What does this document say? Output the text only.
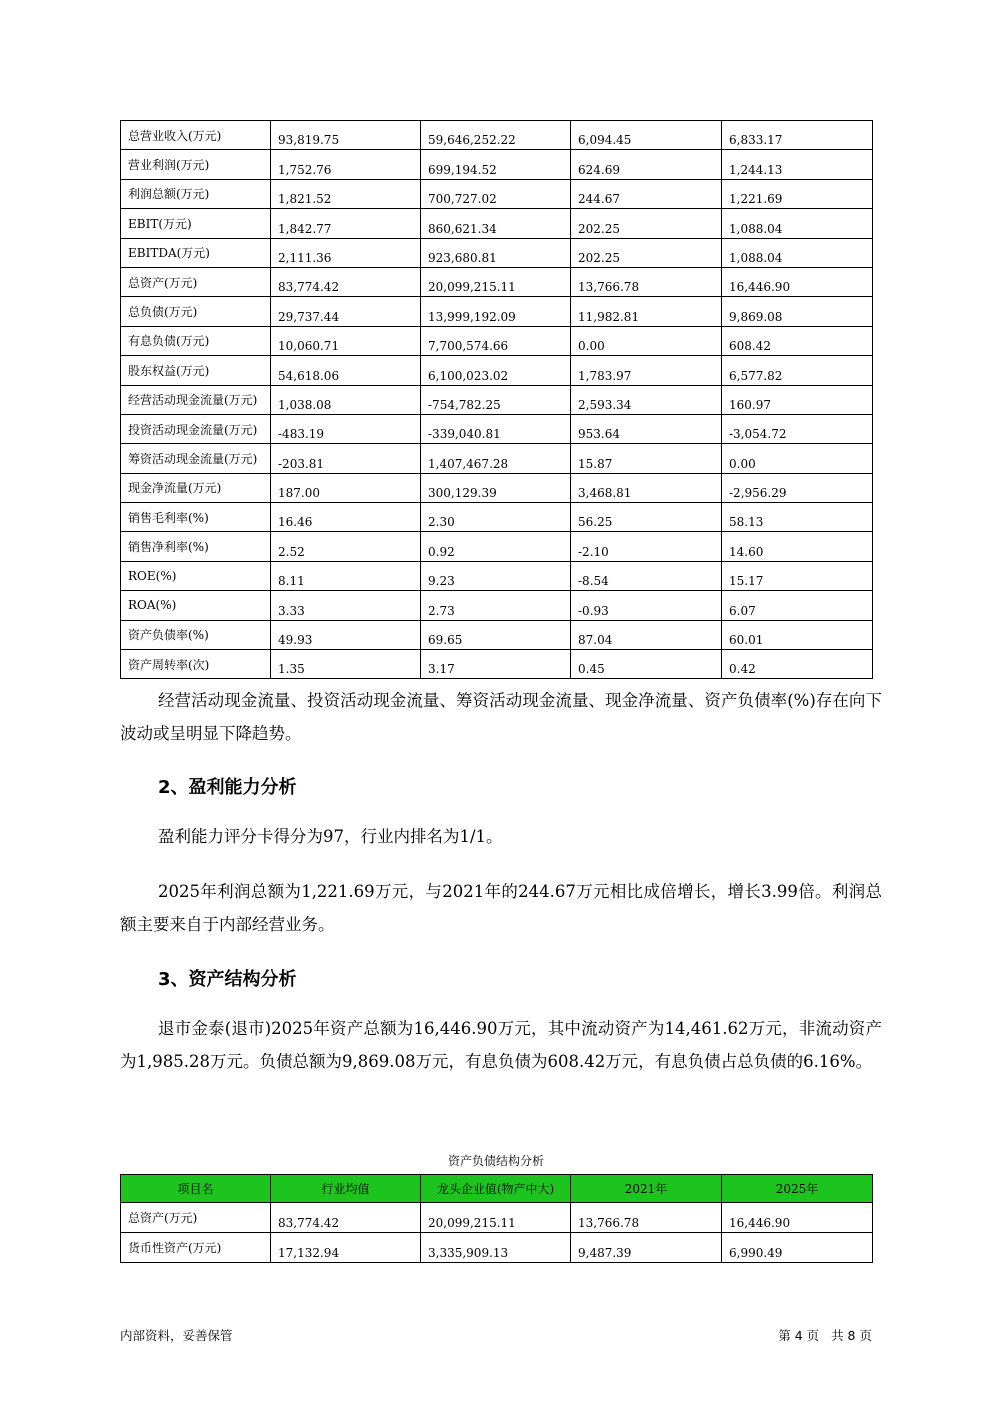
总营业收入(万元)	93,819.75	59,646,252.22	6,094.45	6,833.17
营业利润(万元)	1,752.76	699,194.52	624.69	1,244.13
利润总额(万元)	1,821.52	700,727.02	244.67	1,221.69
EBIT(万元)	1,842.77	860,621.34	202.25	1,088.04
EBITDA(万元)	2,111.36	923,680.81	202.25	1,088.04
总资产(万元)	83,774.42	20,099,215.11	13,766.78	16,446.90
总负债(万元)	29,737.44	13,999,192.09	11,982.81	9,869.08
有息负债(万元)	10,060.71	7,700,574.66	0.00	608.42
股东权益(万元)	54,618.06	6,100,023.02	1,783.97	6,577.82
经营活动现金流量(万元)	1,038.08	-754,782.25	2,593.34	160.97
投资活动现金流量(万元)	-483.19	-339,040.81	953.64	-3,054.72
筹资活动现金流量(万元)	-203.81	1,407,467.28	15.87	0.00
现金净流量(万元)	187.00	300,129.39	3,468.81	-2,956.29
销售毛利率(%)	16.46	2.30	56.25	58.13
销售净利率(%)	2.52	0.92	-2.10	14.60
ROE(%)	8.11	9.23	-8.54	15.17
ROA(%)	3.33	2.73	-0.93	6.07
资产负债率(%)	49.93	69.65	87.04	60.01
资产周转率(次)	1.35	3.17	0.45	0.42

经营活动现金流量、投资活动现金流量、筹资活动现金流量、现金净流量、资产负债率(%)存在向下波动或呈明显下降趋势。

2、盈利能力分析

盈利能力评分卡得分为97，行业内排名为1/1。

2025年利润总额为1,221.69万元，与2021年的244.67万元相比成倍增长，增长3.99倍。利润总额主要来自于内部经营业务。

3、资产结构分析

退市金泰(退市)2025年资产总额为16,446.90万元，其中流动资产为14,461.62万元，非流动资产为1,985.28万元。负债总额为9,869.08万元，有息负债为608.42万元，有息负债占总负债的6.16%。

资产负债结构分析
项目名	行业均值	龙头企业值(物产中大)	2021年	2025年
总资产(万元)	83,774.42	20,099,215.11	13,766.78	16,446.90
货币性资产(万元)	17,132.94	3,335,909.13	9,487.39	6,990.49
内部资料，妥善保管	第 4 页   共 8 页
